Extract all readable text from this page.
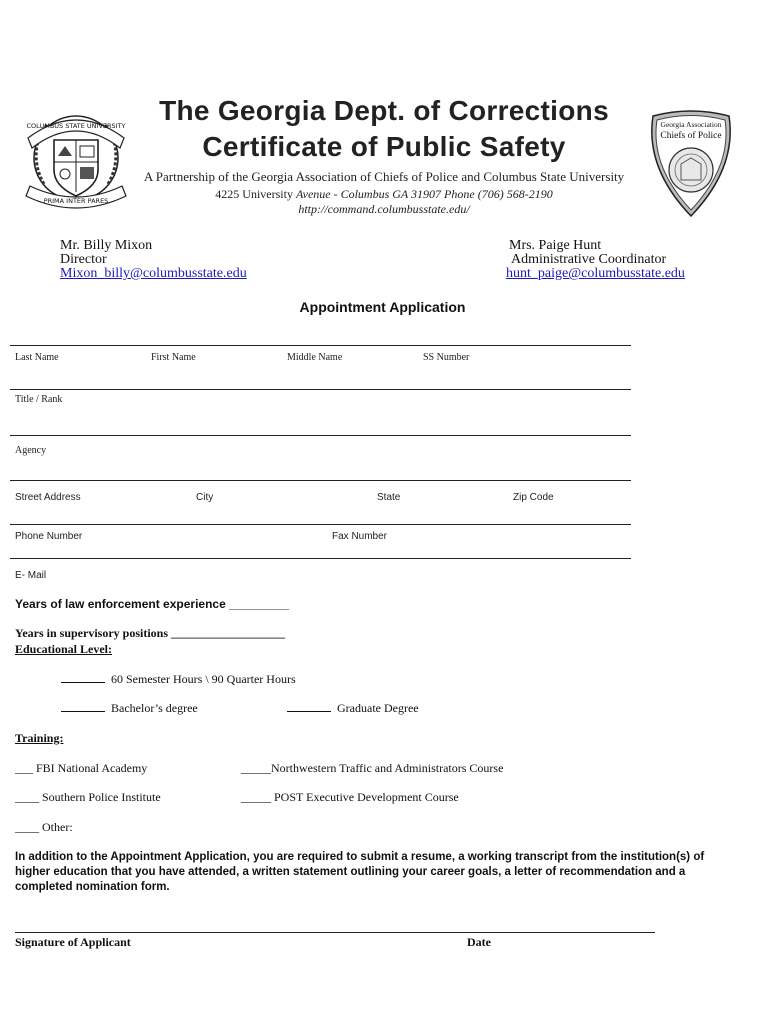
COLUMBUS STATE UNIVERSITY
PRIMA INTER PARES
Georgia Association
Chiefs of Police
The Georgia Dept. of Corrections
Certificate of Public Safety
A Partnership of the Georgia Association of Chiefs of Police and Columbus State University
4225 University Avenue - Columbus GA 31907 Phone (706) 568-2190
http://command.columbusstate.edu/
Mr. Billy Mixon
Director
Mixon_billy@columbusstate.edu
Mrs. Paige Hunt
Administrative Coordinator
hunt_paige@columbusstate.edu
Appointment Application
Last Name	First Name	Middle Name	SS Number
Title / Rank
Agency
Street Address	City	State	Zip Code
Phone Number	Fax Number
E- Mail
Years of law enforcement experience _________
Years in supervisory positions ___________________
Educational Level:
60 Semester Hours \ 90 Quarter Hours
Bachelor’s degree	Graduate Degree
Training:
___ FBI National Academy	_____Northwestern Traffic and Administrators Course
____ Southern Police Institute	_____ POST Executive Development Course
____ Other:
In addition to the Appointment Application, you are required to submit a resume, a working transcript from the institution(s) of higher education that you have attended, a written statement outlining your career goals, a letter of recommendation and a completed nomination form.
Signature of Applicant	Date
